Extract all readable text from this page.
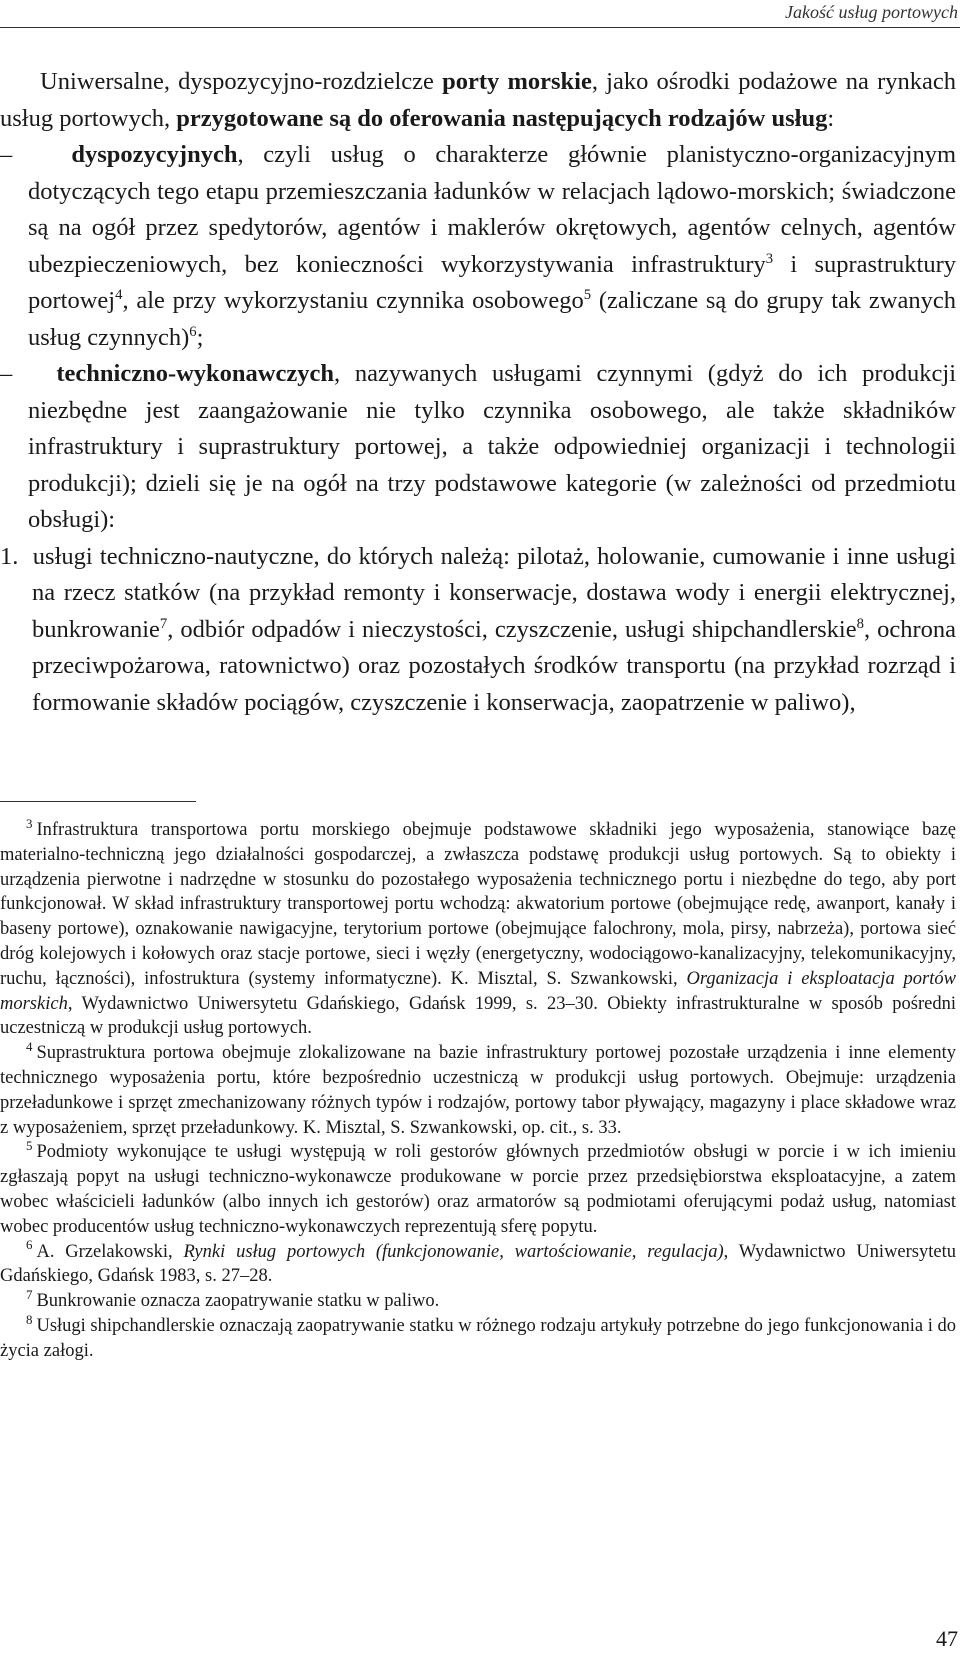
Jakość usług portowych

Uniwersalne, dyspozycyjno-rozdzielcze porty morskie, jako ośrodki podażowe na rynkach usług portowych, przygotowane są do oferowania następujących rodzajów usług:

– dyspozycyjnych, czyli usług o charakterze głównie planistyczno-organizacyjnym dotyczących tego etapu przemieszczania ładunków w relacjach lądowo-morskich; świadczone są na ogół przez spedytorów, agentów i maklerów okrętowych, agentów celnych, agentów ubezpieczeniowych, bez konieczności wykorzystywania infrastruktury$^3$ i suprastruktury portowej$^4$, ale przy wykorzystaniu czynnika osobowego$^5$ (zaliczane są do grupy tak zwanych usług czynnych)$^6$;

– techniczno-wykonawczych, nazywanych usługami czynnymi (gdyż do ich produkcji niezbędne jest zaangażowanie nie tylko czynnika osobowego, ale także składników infrastruktury i suprastruktury portowej, a także odpowiedniej organizacji i technologii produkcji); dzieli się je na ogół na trzy podstawowe kategorie (w zależności od przedmiotu obsługi):

1. usługi techniczno-nautyczne, do których należą: pilotaż, holowanie, cumowanie i inne usługi na rzecz statków (na przykład remonty i konserwacje, dostawa wody i energii elektrycznej, bunkrowanie$^7$, odbiór odpadów i nieczystości, czyszczenie, usługi shipchandlerskie$^8$, ochrona przeciwpożarowa, ratownictwo) oraz pozostałych środków transportu (na przykład rozrząd i formowanie składów pociągów, czyszczenie i konserwacja, zaopatrzenie w paliwo),

$^3$ Infrastruktura transportowa portu morskiego obejmuje podstawowe składniki jego wyposażenia, stanowiące bazę materialno-techniczną jego działalności gospodarczej, a zwłaszcza podstawę produkcji usług portowych. Są to obiekty i urządzenia pierwotne i nadrzędne w stosunku do pozostałego wyposażenia technicznego portu i niezbędne do tego, aby port funkcjonował. W skład infrastruktury transportowej portu wchodzą: akwatorium portowe (obejmujące redę, awanport, kanały i baseny portowe), oznakowanie nawigacyjne, terytorium portowe (obejmujące falochrony, mola, pirsy, nabrzeża), portowa sieć dróg kolejowych i kołowych oraz stacje portowe, sieci i węzły (energetyczny, wodociągowo-kanalizacyjny, telekomunikacyjny, ruchu, łączności), infostruktura (systemy informatyczne). K. Misztal, S. Szwankowski, Organizacja i eksploatacja portów morskich, Wydawnictwo Uniwersytetu Gdańskiego, Gdańsk 1999, s. 23–30. Obiekty infrastrukturalne w sposób pośredni uczestniczą w produkcji usług portowych.

$^4$ Suprastruktura portowa obejmuje zlokalizowane na bazie infrastruktury portowej pozostałe urządzenia i inne elementy technicznego wyposażenia portu, które bezpośrednio uczestniczą w produkcji usług portowych. Obejmuje: urządzenia przeładunkowe i sprzęt zmechanizowany różnych typów i rodzajów, portowy tabor pływający, magazyny i place składowe wraz z wyposażeniem, sprzęt przeładunkowy. K. Misztal, S. Szwankowski, op. cit., s. 33.

$^5$ Podmioty wykonujące te usługi występują w roli gestorów głównych przedmiotów obsługi w porcie i w ich imieniu zgłaszają popyt na usługi techniczno-wykonawcze produkowane w porcie przez przedsiębiorstwa eksploatacyjne, a zatem wobec właścicieli ładunków (albo innych ich gestorów) oraz armatorów są podmiotami oferującymi podaż usług, natomiast wobec producentów usług techniczno-wykonawczych reprezentują sferę popytu.

$^6$ A. Grzelakowski, Rynki usług portowych (funkcjonowanie, wartościowanie, regulacja), Wydawnictwo Uniwersytetu Gdańskiego, Gdańsk 1983, s. 27–28.

$^7$ Bunkrowanie oznacza zaopatrywanie statku w paliwo.

$^8$ Usługi shipchandlerskie oznaczają zaopatrywanie statku w różnego rodzaju artykuły potrzebne do jego funkcjonowania i do życia załogi.

47
